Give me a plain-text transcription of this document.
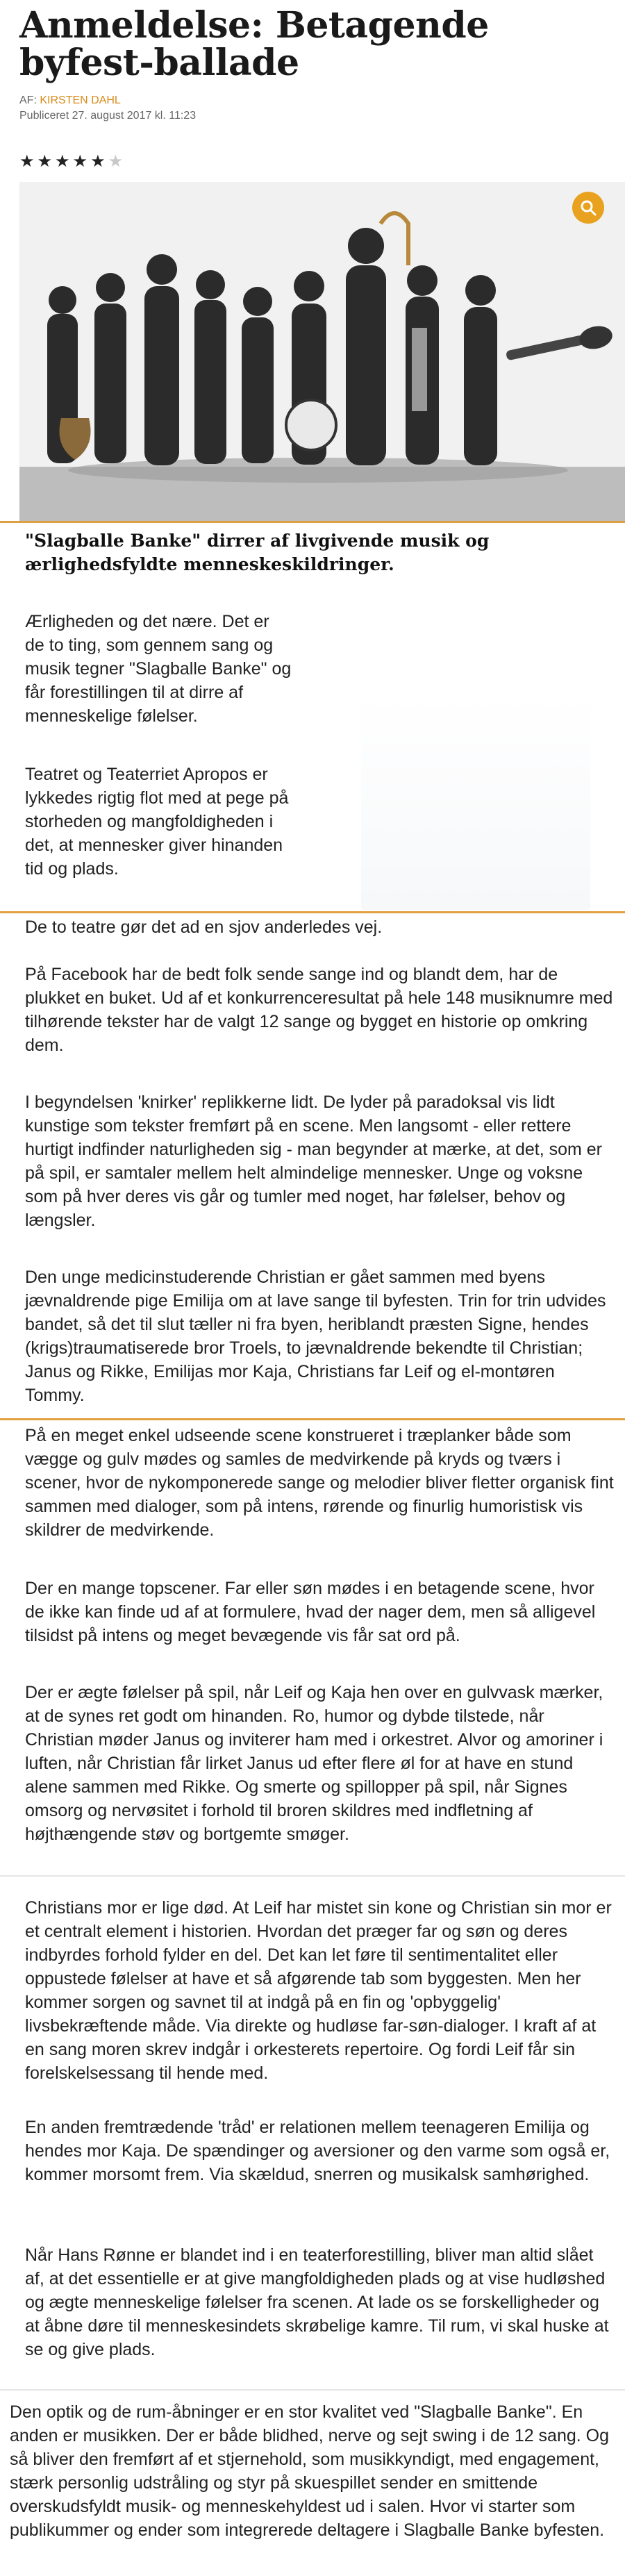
Anmeldelse: Betagende byfest-ballade
AF: KIRSTEN DAHL
Publiceret 27. august 2017 kl. 11:23
★★★★★★
"Slagballe Banke" dirrer af livgivende musik og ærlighedsfyldte menneskeskildringer.
Ærligheden og det nære. Det er de to ting, som gennem sang og musik tegner "Slagballe Banke" og får forestillingen til at dirre af menneskelige følelser.
Teatret og Teaterriet Apropos er lykkedes rigtig flot med at pege på storheden og mangfoldigheden i det, at mennesker giver hinanden tid og plads.
De to teatre gør det ad en sjov anderledes vej.
På Facebook har de bedt folk sende sange ind og blandt dem, har de plukket en buket. Ud af et konkurrenceresultat på hele 148 musiknumre med tilhørende tekster har de valgt 12 sange og bygget en historie op omkring dem.
I begyndelsen 'knirker' replikkerne lidt. De lyder på paradoksal vis lidt kunstige som tekster fremført på en scene. Men langsomt - eller rettere hurtigt indfinder naturligheden sig - man begynder at mærke, at det, som er på spil, er samtaler mellem helt almindelige mennesker. Unge og voksne som på hver deres vis går og tumler med noget, har følelser, behov og længsler.
Den unge medicinstuderende Christian er gået sammen med byens jævnaldrende pige Emilija om at lave sange til byfesten. Trin for trin udvides bandet, så det til slut tæller ni fra byen, heriblandt præsten Signe, hendes (krigs)traumatiserede bror Troels, to jævnaldrende bekendte til Christian; Janus og Rikke, Emilijas mor Kaja, Christians far Leif og el-montøren Tommy.
På en meget enkel udseende scene konstrueret i træplanker både som vægge og gulv mødes og samles de medvirkende på kryds og tværs i scener, hvor de nykomponerede sange og melodier bliver fletter organisk fint sammen med dialoger, som på intens, rørende og finurlig humoristisk vis skildrer de medvirkende.
Der en mange topscener. Far eller søn mødes i en betagende scene, hvor de ikke kan finde ud af at formulere, hvad der nager dem, men så alligevel tilsidst på intens og meget bevægende vis får sat ord på.
Der er ægte følelser på spil, når Leif og Kaja hen over en gulvvask mærker, at de synes ret godt om hinanden. Ro, humor og dybde tilstede, når Christian møder Janus og inviterer ham med i orkestret. Alvor og amoriner i luften, når Christian får lirket Janus ud efter flere øl for at have en stund alene sammen med Rikke. Og smerte og spillopper på spil, når Signes omsorg og nervøsitet i forhold til broren skildres med indfletning af højthængende støv og bortgemte smøger.
Christians mor er lige død. At Leif har mistet sin kone og Christian sin mor er et centralt element i historien. Hvordan det præger far og søn og deres indbyrdes forhold fylder en del. Det kan let føre til sentimentalitet eller oppustede følelser at have et så afgørende tab som byggesten. Men her kommer sorgen og savnet til at indgå på en fin og 'opbyggelig' livsbekræftende måde. Via direkte og hudløse far-søn-dialoger. I kraft af at en sang moren skrev indgår i orkesterets repertoire. Og fordi Leif får sin forelskelsessang til hende med.
En anden fremtrædende 'tråd' er relationen mellem teenageren Emilija og hendes mor Kaja. De spændinger og aversioner og den varme som også er, kommer morsomt frem. Via skældud, snerren og musikalsk samhørighed.
Når Hans Rønne er blandet ind i en teaterforestilling, bliver man altid slået af, at det essentielle er at give mangfoldigheden plads og at vise hudløshed og ægte menneskelige følelser fra scenen. At lade os se forskelligheder og at åbne døre til menneskesindets skrøbelige kamre. Til rum, vi skal huske at se og give plads.
Den optik og de rum-åbninger er en stor kvalitet ved "Slagballe Banke". En anden er musikken. Der er både blidhed, nerve og sejt swing i de 12 sang. Og så bliver den fremført af et stjernehold, som musikkyndigt, med engagement, stærk personlig udstråling og styr på skuespillet sender en smittende overskudsfyldt musik- og menneskehyldest ud i salen. Hvor vi starter som publikummer og ender som integrerede deltagere i Slagballe Banke byfesten.
